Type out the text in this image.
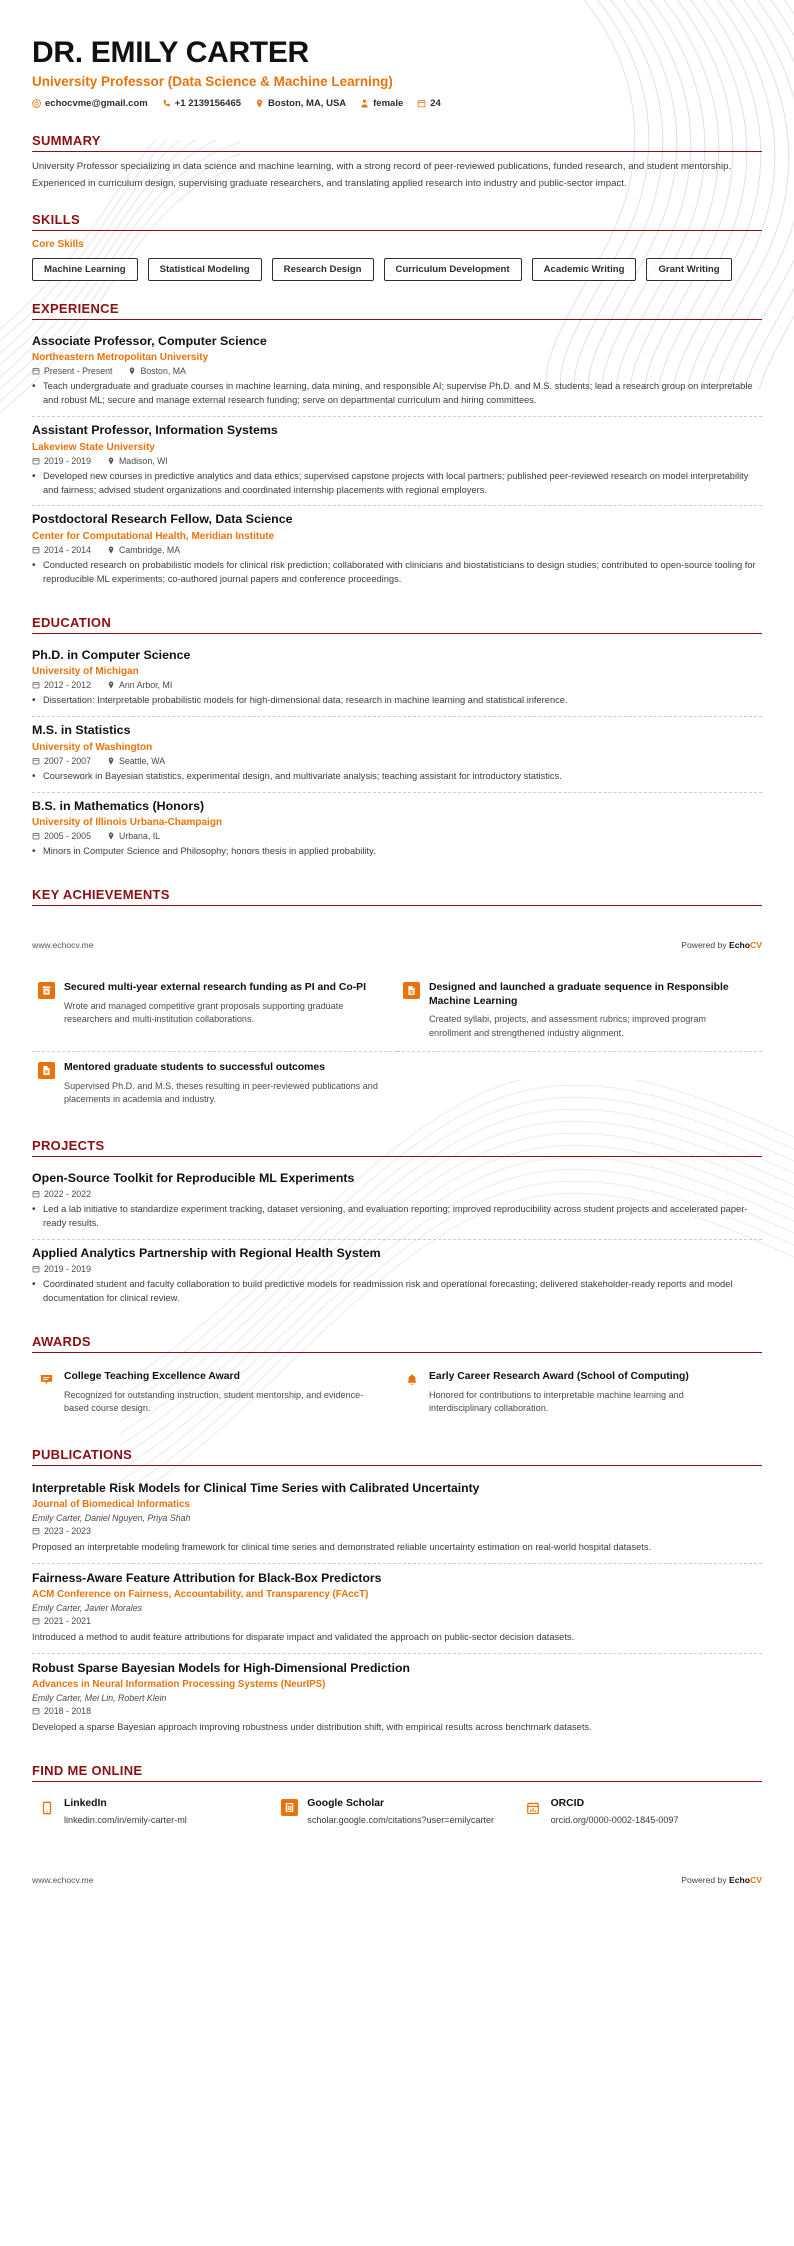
DR. EMILY CARTER
University Professor (Data Science & Machine Learning)
echocvme@gmail.com	+1 2139156465	Boston, MA, USA	female	24
SUMMARY

University Professor specializing in data science and machine learning, with a strong record of peer-reviewed publications, funded research, and student mentorship.

Experienced in curriculum design, supervising graduate researchers, and translating applied research into industry and public-sector impact.

SKILLS
Core Skills
Machine Learning	Statistical Modeling	Research Design	Curriculum Development	Academic Writing	Grant Writing
EXPERIENCE
Associate Professor, Computer Science
Northeastern Metropolitan University
Present - Present	Boston, MA
• Teach undergraduate and graduate courses in machine learning, data mining, and responsible AI; supervise Ph.D. and M.S. students; lead a research group on interpretable and robust ML; secure and manage external research funding; serve on departmental curriculum and hiring committees.
Assistant Professor, Information Systems
Lakeview State University
2019 - 2019	Madison, WI
• Developed new courses in predictive analytics and data ethics; supervised capstone projects with local partners; published peer-reviewed research on model interpretability and fairness; advised student organizations and coordinated internship placements with regional employers.
Postdoctoral Research Fellow, Data Science
Center for Computational Health, Meridian Institute
2014 - 2014	Cambridge, MA
• Conducted research on probabilistic models for clinical risk prediction; collaborated with clinicians and biostatisticians to design studies; contributed to open-source tooling for reproducible ML experiments; co-authored journal papers and conference proceedings.
EDUCATION
Ph.D. in Computer Science
University of Michigan
2012 - 2012	Ann Arbor, MI
• Dissertation: Interpretable probabilistic models for high-dimensional data; research in machine learning and statistical inference.
M.S. in Statistics
University of Washington
2007 - 2007	Seattle, WA
• Coursework in Bayesian statistics, experimental design, and multivariate analysis; teaching assistant for introductory statistics.
B.S. in Mathematics (Honors)
University of Illinois Urbana-Champaign
2005 - 2005	Urbana, IL
• Minors in Computer Science and Philosophy; honors thesis in applied probability.
KEY ACHIEVEMENTS
www.echocv.me	Powered by EchoCV
Secured multi-year external research funding as PI and Co-PI
Wrote and managed competitive grant proposals supporting graduate researchers and multi-institution collaborations.
Designed and launched a graduate sequence in Responsible Machine Learning
Created syllabi, projects, and assessment rubrics; improved program enrollment and strengthened industry alignment.
Mentored graduate students to successful outcomes
Supervised Ph.D. and M.S. theses resulting in peer-reviewed publications and placements in academia and industry.
PROJECTS
Open-Source Toolkit for Reproducible ML Experiments
2022 - 2022
• Led a lab initiative to standardize experiment tracking, dataset versioning, and evaluation reporting; improved reproducibility across student projects and accelerated paper-ready results.
Applied Analytics Partnership with Regional Health System
2019 - 2019
• Coordinated student and faculty collaboration to build predictive models for readmission risk and operational forecasting; delivered stakeholder-ready reports and model documentation for clinical review.
AWARDS
College Teaching Excellence Award
Recognized for outstanding instruction, student mentorship, and evidence-based course design.
Early Career Research Award (School of Computing)
Honored for contributions to interpretable machine learning and interdisciplinary collaboration.
PUBLICATIONS
Interpretable Risk Models for Clinical Time Series with Calibrated Uncertainty
Journal of Biomedical Informatics
Emily Carter, Daniel Nguyen, Priya Shah
2023 - 2023
Proposed an interpretable modeling framework for clinical time series and demonstrated reliable uncertainty estimation on real-world hospital datasets.
Fairness-Aware Feature Attribution for Black-Box Predictors
ACM Conference on Fairness, Accountability, and Transparency (FAccT)
Emily Carter, Javier Morales
2021 - 2021
Introduced a method to audit feature attributions for disparate impact and validated the approach on public-sector decision datasets.
Robust Sparse Bayesian Models for High-Dimensional Prediction
Advances in Neural Information Processing Systems (NeurIPS)
Emily Carter, Mei Lin, Robert Klein
2018 - 2018
Developed a sparse Bayesian approach improving robustness under distribution shift, with empirical results across benchmark datasets.
FIND ME ONLINE
LinkedIn
linkedin.com/in/emily-carter-ml
Google Scholar
scholar.google.com/citations?user=emilycarter
ORCID
orcid.org/0000-0002-1845-0097
www.echocv.me	Powered by EchoCV
